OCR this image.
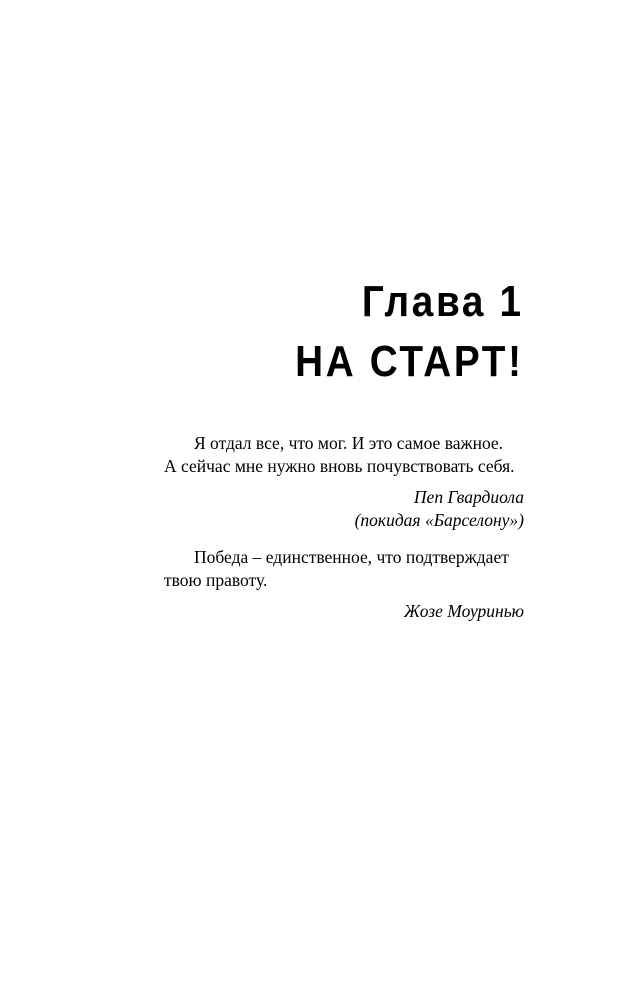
Глава 1
НА СТАРТ!
Я отдал все, что мог. И это самое важное.
А сейчас мне нужно вновь почувствовать себя.
Пеп Гвардиола
(покидая «Барселону»)
Победа – единственное, что подтверждает
твою правоту.
Жозе Моуринью
